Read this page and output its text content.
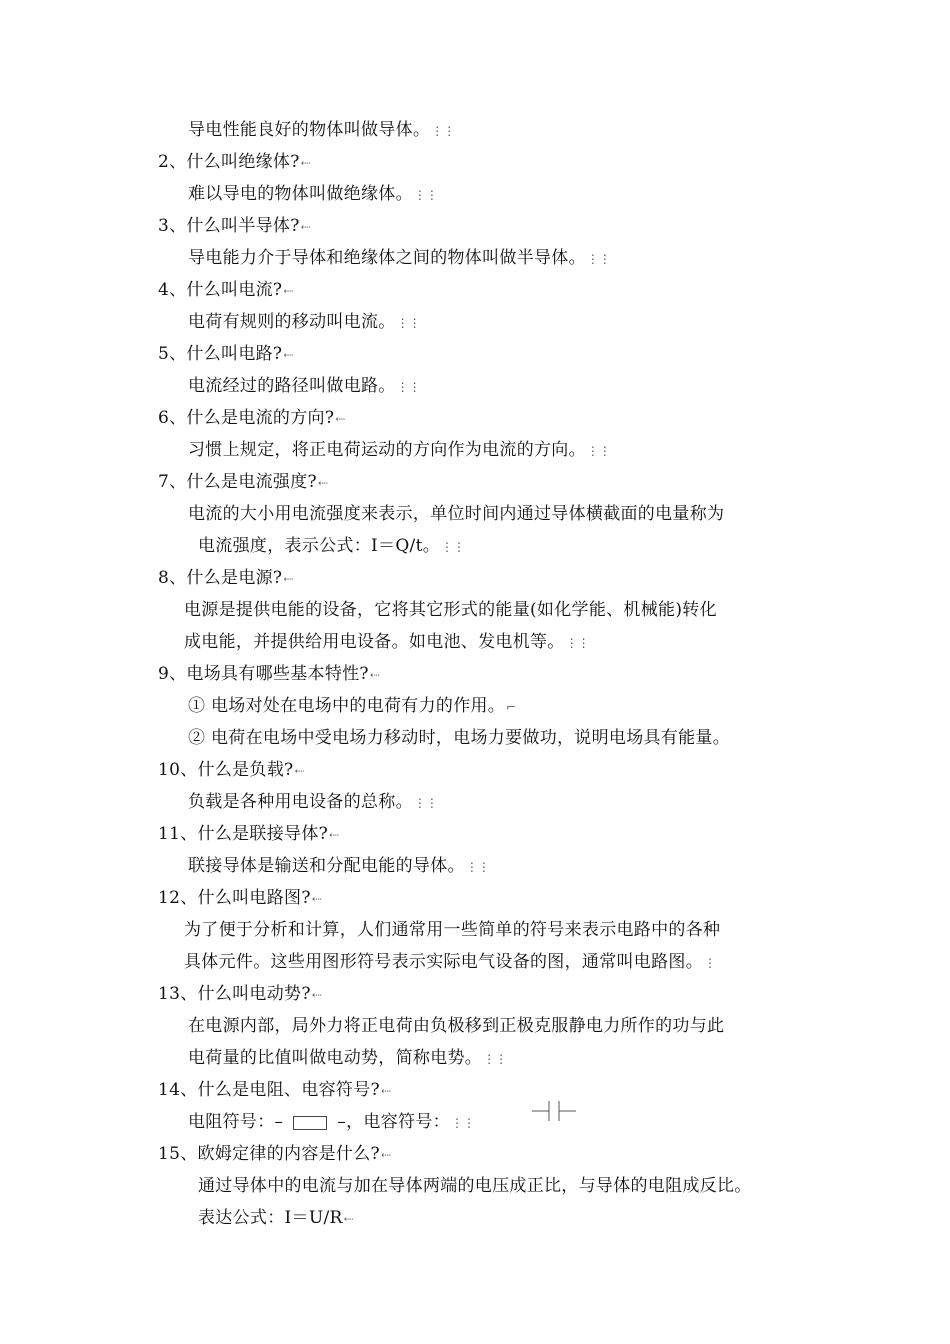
导电性能良好的物体叫做导体。⋮⋮
2、什么叫绝缘体?⇠
难以导电的物体叫做绝缘体。⋮⋮
3、什么叫半导体?⇠
导电能力介于导体和绝缘体之间的物体叫做半导体。⋮⋮
4、什么叫电流?⇠
电荷有规则的移动叫电流。⋮⋮
5、什么叫电路?⇠
电流经过的路径叫做电路。⋮⋮
6、什么是电流的方向?⇠
习惯上规定，将正电荷运动的方向作为电流的方向。⋮⋮
7、什么是电流强度?⇠
电流的大小用电流强度来表示，单位时间内通过导体横截面的电量称为
电流强度，表示公式：I＝Q/t。⋮⋮
8、什么是电源?⇠
电源是提供电能的设备，它将其它形式的能量(如化学能、机械能)转化
成电能，并提供给用电设备。如电池、发电机等。⋮⋮
9、电场具有哪些基本特性?⇠
① 电场对处在电场中的电荷有力的作用。⌐
② 电荷在电场中受电场力移动时，电场力要做功，说明电场具有能量。
10、什么是负载?⇠
负载是各种用电设备的总称。⋮⋮
11、什么是联接导体?⇠
联接导体是输送和分配电能的导体。⋮⋮
12、什么叫电路图?⇠
为了便于分析和计算，人们通常用一些简单的符号来表示电路中的各种
具体元件。这些用图形符号表示实际电气设备的图，通常叫电路图。⋮
13、什么叫电动势?⇠
在电源内部，局外力将正电荷由负极移到正极克服静电力所作的功与此
电荷量的比值叫做电动势，简称电势。⋮⋮
14、什么是电阻、电容符号?⇠
电阻符号：–	–，电容符号：⋮⋮
15、欧姆定律的内容是什么?⇠
通过导体中的电流与加在导体两端的电压成正比，与导体的电阻成反比。
表达公式：I＝U/R⇠
